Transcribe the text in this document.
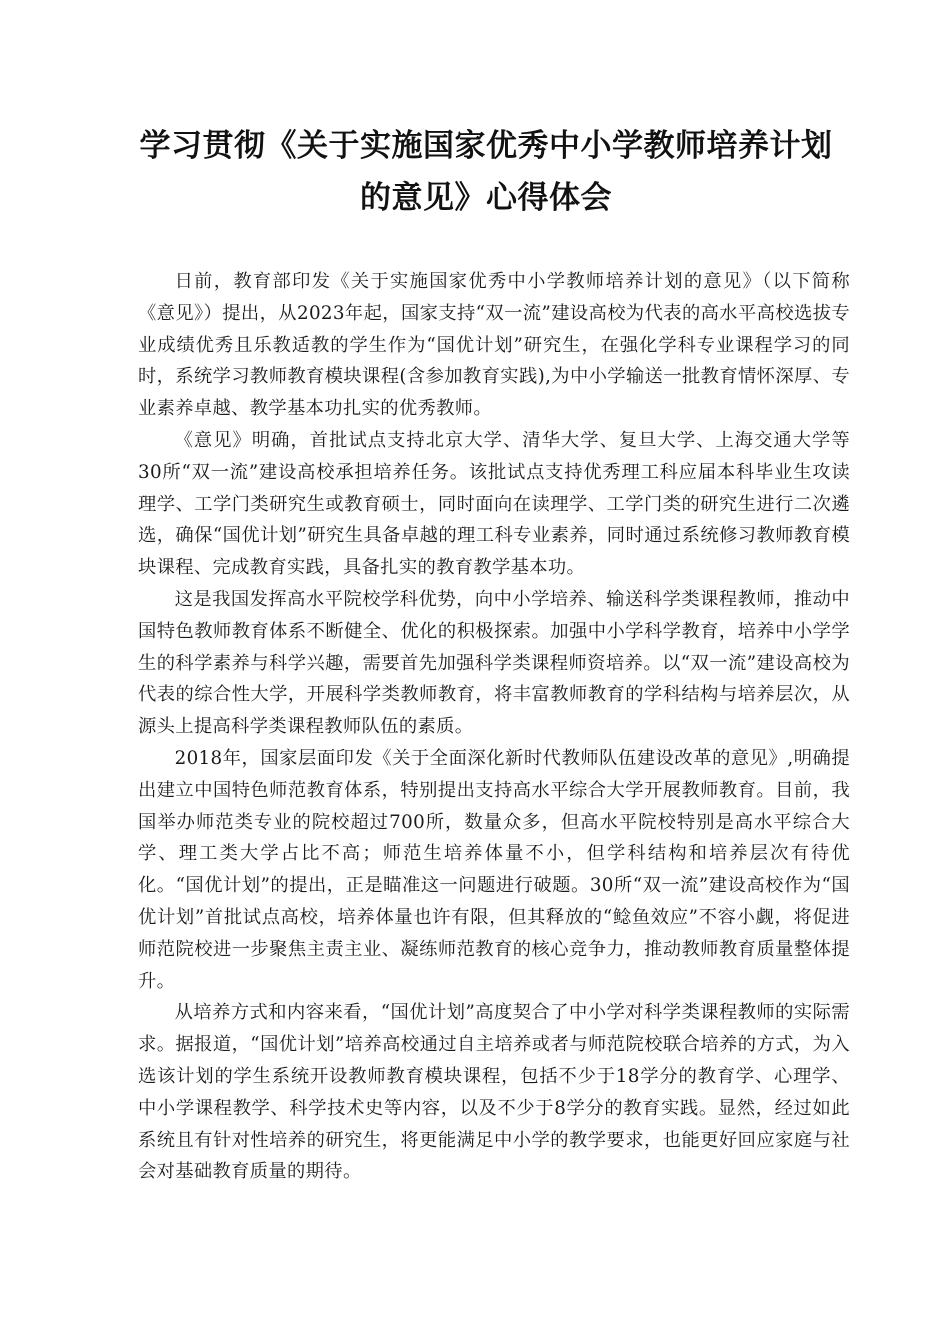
学习贯彻《关于实施国家优秀中小学教师培养计划的意见》心得体会

日前，教育部印发《关于实施国家优秀中小学教师培养计划的意见》（以下简称《意见》）提出，从2023年起，国家支持“双一流”建设高校为代表的高水平高校选拔专业成绩优秀且乐教适教的学生作为“国优计划”研究生，在强化学科专业课程学习的同时，系统学习教师教育模块课程(含参加教育实践),为中小学输送一批教育情怀深厚、专业素养卓越、教学基本功扎实的优秀教师。

《意见》明确，首批试点支持北京大学、清华大学、复旦大学、上海交通大学等30所“双一流”建设高校承担培养任务。该批试点支持优秀理工科应届本科毕业生攻读理学、工学门类研究生或教育硕士，同时面向在读理学、工学门类的研究生进行二次遴选，确保“国优计划”研究生具备卓越的理工科专业素养，同时通过系统修习教师教育模块课程、完成教育实践，具备扎实的教育教学基本功。

这是我国发挥高水平院校学科优势，向中小学培养、输送科学类课程教师，推动中国特色教师教育体系不断健全、优化的积极探索。加强中小学科学教育，培养中小学学生的科学素养与科学兴趣，需要首先加强科学类课程师资培养。以“双一流”建设高校为代表的综合性大学，开展科学类教师教育，将丰富教师教育的学科结构与培养层次，从源头上提高科学类课程教师队伍的素质。

2018年，国家层面印发《关于全面深化新时代教师队伍建设改革的意见》,明确提出建立中国特色师范教育体系，特别提出支持高水平综合大学开展教师教育。目前，我国举办师范类专业的院校超过700所，数量众多，但高水平院校特别是高水平综合大学、理工类大学占比不高；师范生培养体量不小，但学科结构和培养层次有待优化。“国优计划”的提出，正是瞄准这一问题进行破题。30所“双一流”建设高校作为“国优计划”首批试点高校，培养体量也许有限，但其释放的“鲶鱼效应”不容小觑，将促进师范院校进一步聚焦主责主业、凝练师范教育的核心竞争力，推动教师教育质量整体提升。

从培养方式和内容来看，“国优计划”高度契合了中小学对科学类课程教师的实际需求。据报道，“国优计划”培养高校通过自主培养或者与师范院校联合培养的方式，为入选该计划的学生系统开设教师教育模块课程，包括不少于18学分的教育学、心理学、中小学课程教学、科学技术史等内容，以及不少于8学分的教育实践。显然，经过如此系统且有针对性培养的研究生，将更能满足中小学的教学要求，也能更好回应家庭与社会对基础教育质量的期待。
